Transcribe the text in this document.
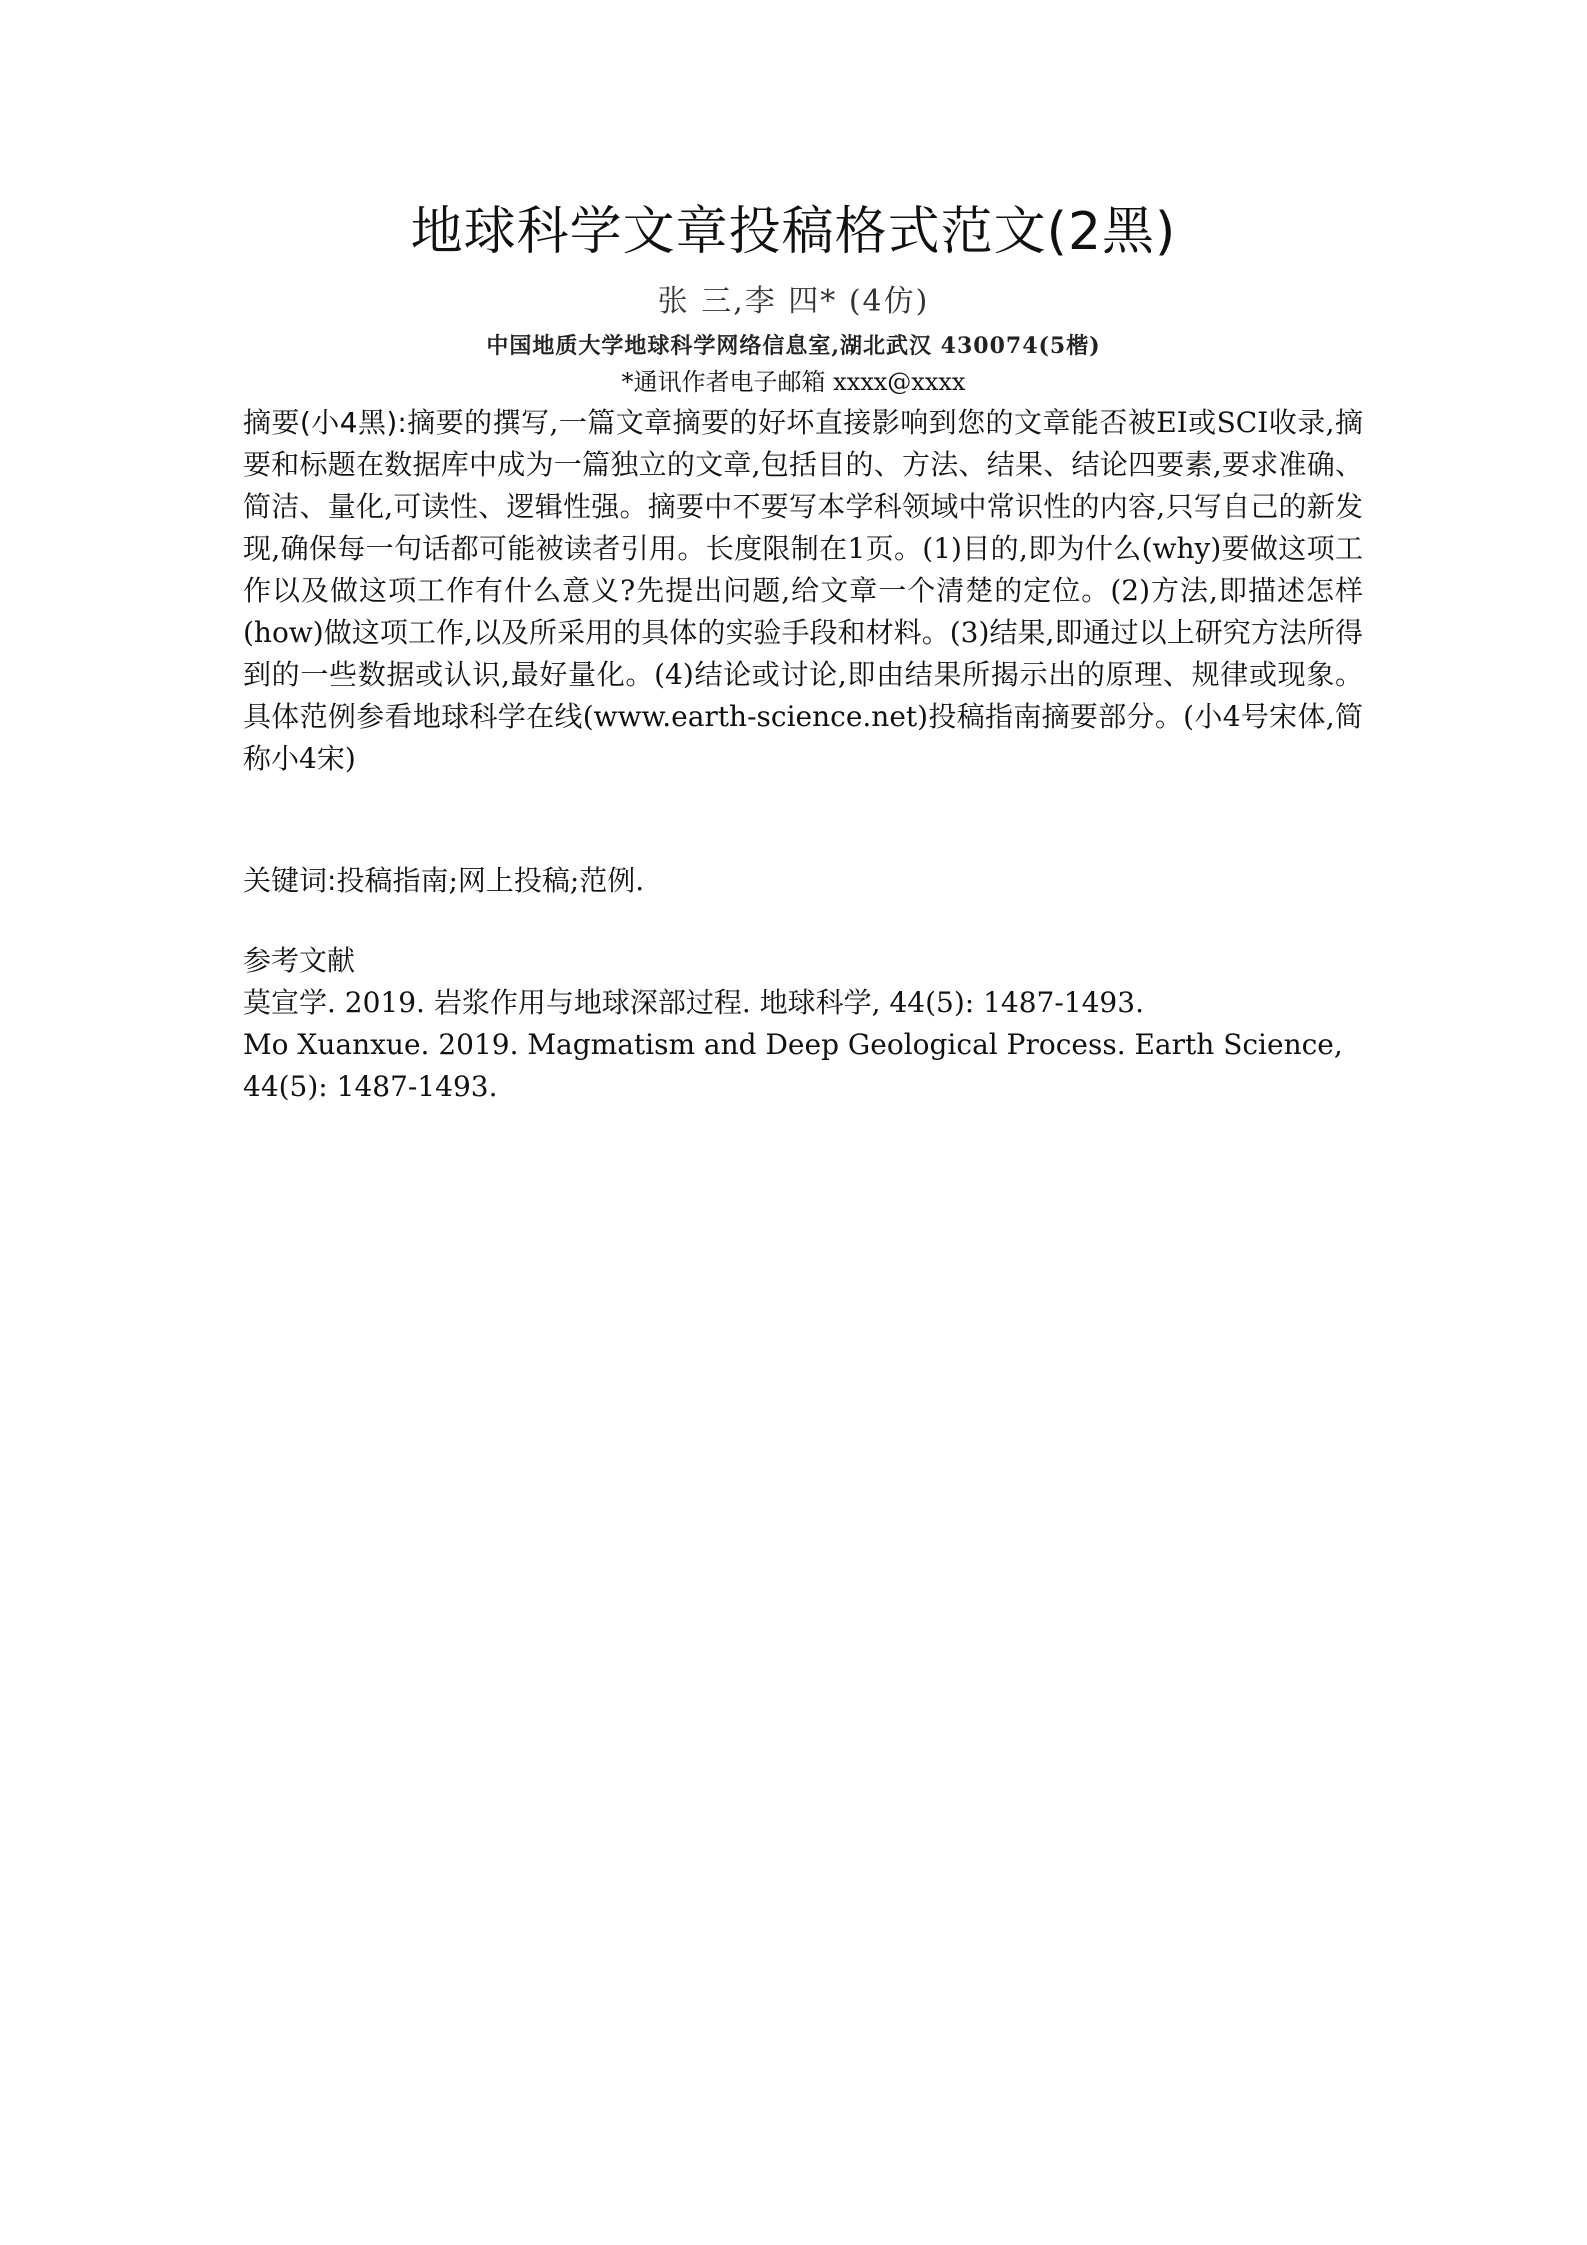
地球科学文章投稿格式范文(2黑)
张 三,李 四* (4仿)
中国地质大学地球科学网络信息室,湖北武汉 430074(5楷)
*通讯作者电子邮箱 xxxx@xxxx
摘要(小4黑):摘要的撰写,一篇文章摘要的好坏直接影响到您的文章能否被EI或SCI收录,摘要和标题在数据库中成为一篇独立的文章,包括目的、方法、结果、结论四要素,要求准确、简洁、量化,可读性、逻辑性强。摘要中不要写本学科领域中常识性的内容,只写自己的新发现,确保每一句话都可能被读者引用。长度限制在1页。(1)目的,即为什么(why)要做这项工作以及做这项工作有什么意义?先提出问题,给文章一个清楚的定位。(2)方法,即描述怎样(how)做这项工作,以及所采用的具体的实验手段和材料。(3)结果,即通过以上研究方法所得到的一些数据或认识,最好量化。(4)结论或讨论,即由结果所揭示出的原理、规律或现象。具体范例参看地球科学在线(www.earth-science.net)投稿指南摘要部分。(小4号宋体,简称小4宋)
关键词:投稿指南;网上投稿;范例.
参考文献
莫宣学. 2019. 岩浆作用与地球深部过程. 地球科学, 44(5): 1487-1493.
Mo Xuanxue. 2019. Magmatism and Deep Geological Process. Earth Science, 44(5): 1487-1493.
